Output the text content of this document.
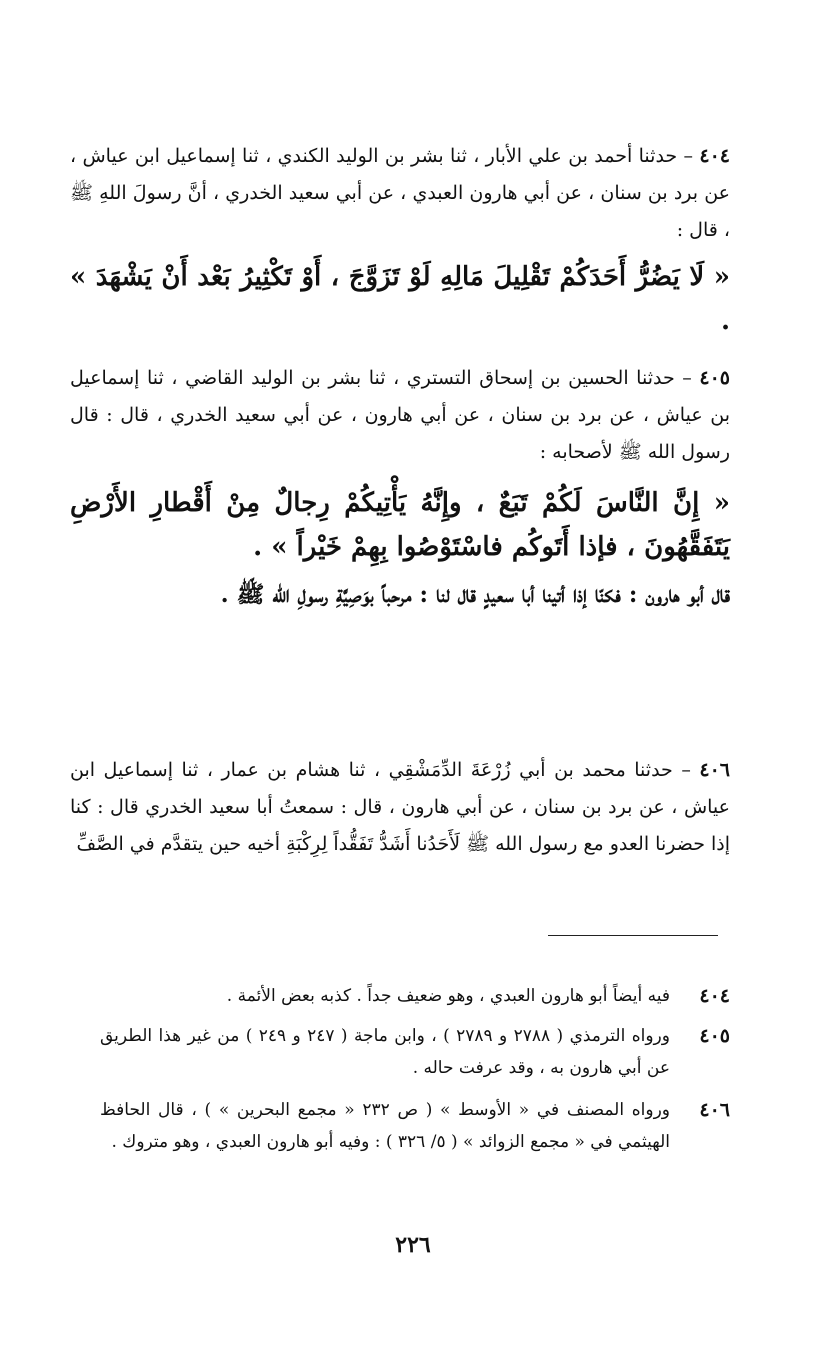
٤٠٤ – حدثنا أحمد بن علي الأبار ، ثنا بشر بن الوليد الكندي ، ثنا إسماعيل ابن عياش ، عن برد بن سنان ، عن أبي هارون العبدي ، عن أبي سعيد الخدري ، أنَّ رسولَ اللهِ ﷺ ، قال :

« لَا يَضُرُّ أَحَدَكُمْ تَقْلِيلَ مَالِهِ لَوْ تَزَوَّجَ ، أَوْ تَكْثِيرُ بَعْد أَنْ يَشْهَدَ » .

٤٠٥ – حدثنا الحسين بن إسحاق التستري ، ثنا بشر بن الوليد القاضي ، ثنا إسماعيل بن عياش ، عن برد بن سنان ، عن أبي هارون ، عن أبي سعيد الخدري ، قال : قال رسول الله ﷺ لأصحابه :

« إِنَّ النَّاسَ لَكُمْ تَبَعٌ ، وإِنَّهُ يَأْتِيكُمْ رِجالٌ مِنْ أَقْطارِ الأَرْضِ يَتَفَقَّهُونَ ، فإذا أَتَوكُم فاسْتَوْصُوا بِهِمْ خَيْراً » .

قال أبو هارون : فكنّا إذا أتينا أبا سعيدٍ قال لنا : مرحباً بوَصِيَّةِ رسولِ الله ﷺ .

٤٠٦ – حدثنا محمد بن أبي زُرْعَةَ الدِّمَشْقِي ، ثنا هشام بن عمار ، ثنا إسماعيل ابن عياش ، عن برد بن سنان ، عن أبي هارون ، قال : سمعتُ أبا سعيد الخدري قال : كنا إذا حضرنا العدو مع رسول الله ﷺ لَأَحَدُنا أَشَدُّ تَفَقُّداً لِرِكْبَةِ أخيه حين يتقدَّم في الصَّفِّ

٤٠٤
فيه أيضاً أبو هارون العبدي ، وهو ضعيف جداً . كذبه بعض الأئمة .
٤٠٥
ورواه الترمذي ( ٢٧٨٨ و ٢٧٨٩ ) ، وابن ماجة ( ٢٤٧ و ٢٤٩ ) من غير هذا الطريق عن أبي هارون به ، وقد عرفت حاله .
٤٠٦
ورواه المصنف في « الأوسط » ( ص ٢٣٢ « مجمع البحرين » ) ، قال الحافظ الهيثمي في « مجمع الزوائد » ( ٥/ ٣٢٦ ) : وفيه أبو هارون العبدي ، وهو متروك .
٢٢٦
